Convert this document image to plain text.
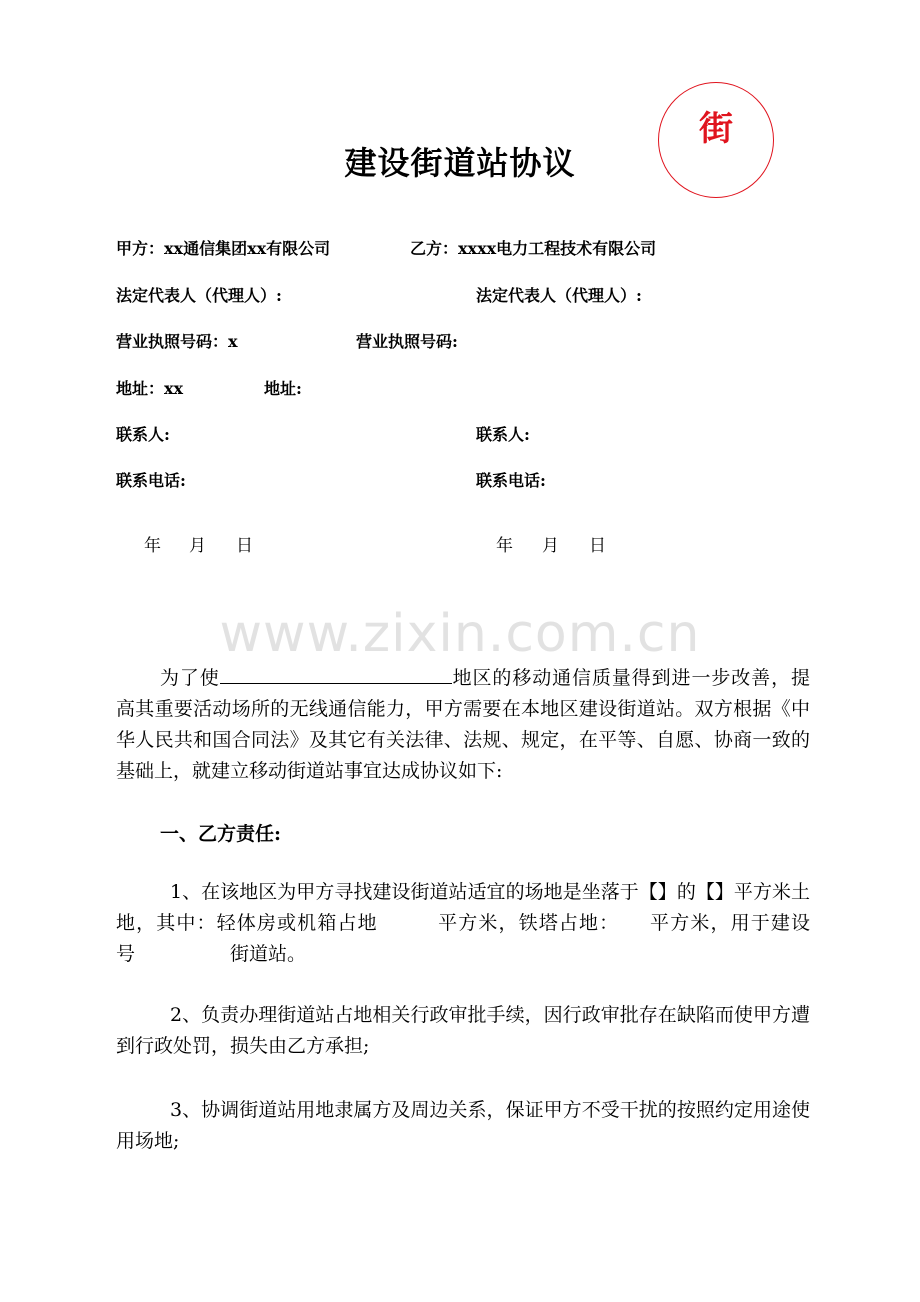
建设街道站协议
街
甲方：xx通信集团xx有限公司	乙方：xxxx电力工程技术有限公司
法定代表人（代理人）:	法定代表人（代理人）:
营业执照号码：x	营业执照号码:
地址：xx	地址:
联系人:	联系人:
联系电话:	联系电话:
年 月 日	年 月 日
www.zixin.com.cn
为了使	地区的移动通信质量得到进一步改善，提高其重要活动场所的无线通信能力，甲方需要在本地区建设街道站。双方根据《中华人民共和国合同法》及其它有关法律、法规、规定，在平等、自愿、协商一致的基础上，就建立移动街道站事宜达成协议如下:
一、乙方责任:
1、在该地区为甲方寻找建设街道站适宜的场地是坐落于【】的【】平方米土地，其中：轻体房或机箱占地　　　平方米，铁塔占地：　　平方米，用于建设　　　号　　　　　街道站。
2、负责办理街道站占地相关行政审批手续，因行政审批存在缺陷而使甲方遭到行政处罚，损失由乙方承担;
3、协调街道站用地隶属方及周边关系，保证甲方不受干扰的按照约定用途使用场地;
